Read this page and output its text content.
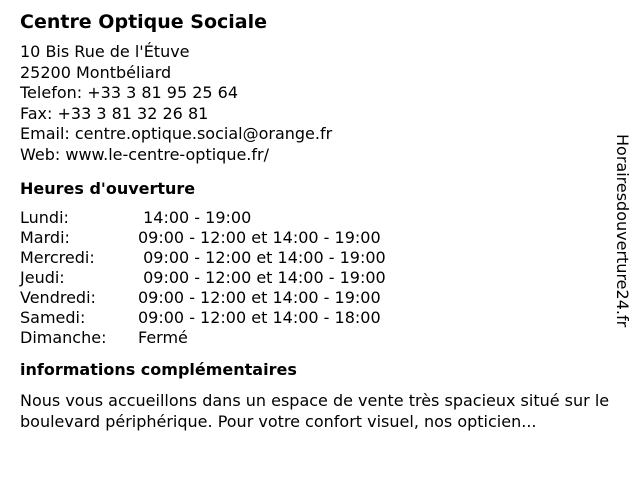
Centre Optique Sociale
10 Bis Rue de l'Étuve
25200 Montbéliard
Telefon: +33 3 81 95 25 64
Fax: +33 3 81 32 26 81
Email: centre.optique.social@orange.fr
Web: www.le-centre-optique.fr/
Heures d'ouverture
Lundi:	14:00 - 19:00
Mardi:	09:00 - 12:00 et 14:00 - 19:00
Mercredi:	09:00 - 12:00 et 14:00 - 19:00
Jeudi:	09:00 - 12:00 et 14:00 - 19:00
Vendredi:	09:00 - 12:00 et 14:00 - 19:00
Samedi:	09:00 - 12:00 et 14:00 - 18:00
Dimanche:	Fermé
informations complémentaires
Nous vous accueillons dans un espace de vente très spacieux situé sur le boulevard périphérique. Pour votre confort visuel, nos opticien...
Horairesdouverture24.fr
